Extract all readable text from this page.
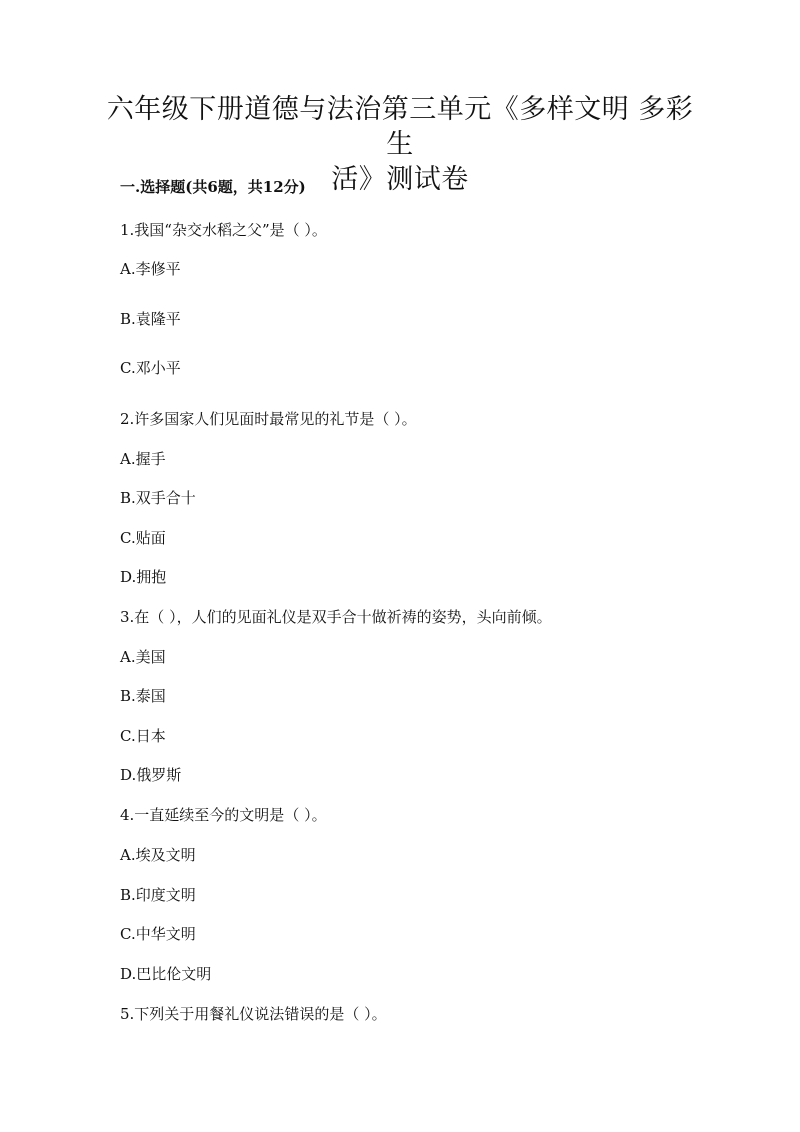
六年级下册道德与法治第三单元《多样文明 多彩生
活》测试卷
一.选择题(共6题，共12分)
1.我国“杂交水稻之父”是（ ）。
A.李修平
B.袁隆平
C.邓小平
2.许多国家人们见面时最常见的礼节是（ ）。
A.握手
B.双手合十
C.贴面
D.拥抱
3.在（ ），人们的见面礼仪是双手合十做祈祷的姿势，头向前倾。
A.美国
B.泰国
C.日本
D.俄罗斯
4.一直延续至今的文明是（ ）。
A.埃及文明
B.印度文明
C.中华文明
D.巴比伦文明
5.下列关于用餐礼仪说法错误的是（ ）。
